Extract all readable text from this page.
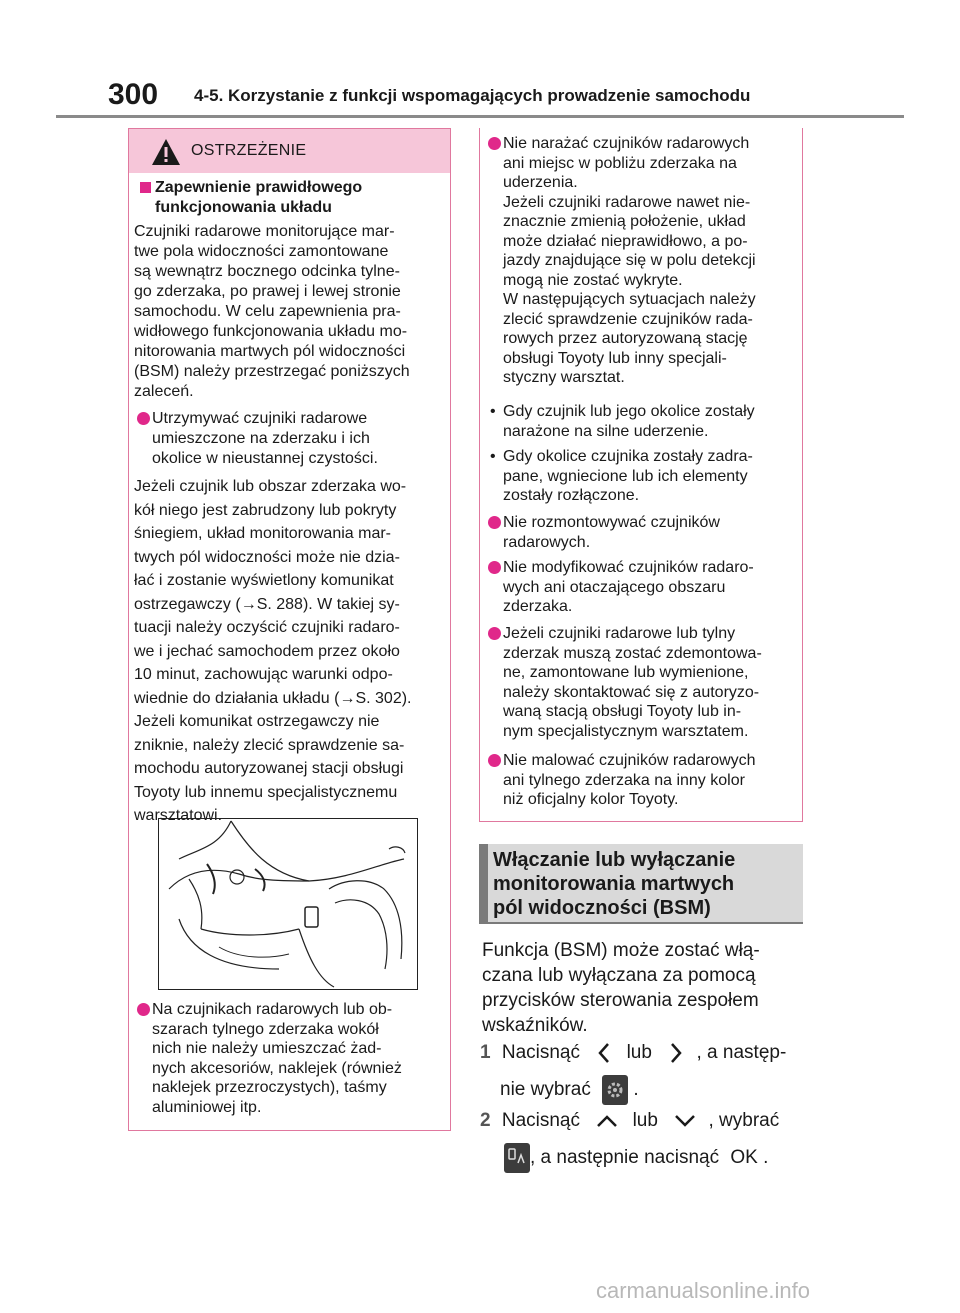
300 4-5. Korzystanie z funkcji wspomagających prowadzenie samochodu
OSTRZEŻENIE
Zapewnienie prawidłowego
funkcjonowania układu
Czujniki radarowe monitorujące mar-
twe pola widoczności zamontowane
są wewnątrz bocznego odcinka tylne-
go zderzaka, po prawej i lewej stronie
samochodu. W celu zapewnienia pra-
widłowego funkcjonowania układu mo-
nitorowania martwych pól widoczności
(BSM) należy przestrzegać poniższych
zaleceń.
Utrzymywać czujniki radarowe
umieszczone na zderzaku i ich
okolice w nieustannej czystości.
Jeżeli czujnik lub obszar zderzaka wo-
kół niego jest zabrudzony lub pokryty
śniegiem, układ monitorowania mar-
twych pól widoczności może nie dzia-
łać i zostanie wyświetlony komunikat
ostrzegawczy (→S. 288). W takiej sy-
tuacji należy oczyścić czujniki radaro-
we i jechać samochodem przez około
10 minut, zachowując warunki odpo-
wiednie do działania układu (→S. 302).
Jeżeli komunikat ostrzegawczy nie
zniknie, należy zlecić sprawdzenie sa-
mochodu autoryzowanej stacji obsługi
Toyoty lub innemu specjalistycznemu
warsztatowi.
Na czujnikach radarowych lub ob-
szarach tylnego zderzaka wokół
nich nie należy umieszczać żad-
nych akcesoriów, naklejek (również
naklejek przezroczystych), taśmy
aluminiowej itp.
Nie narażać czujników radarowych
ani miejsc w pobliżu zderzaka na
uderzenia.
Jeżeli czujniki radarowe nawet nie-
znacznie zmienią położenie, układ
może działać nieprawidłowo, a po-
jazdy znajdujące się w polu detekcji
mogą nie zostać wykryte.
W następujących sytuacjach należy
zlecić sprawdzenie czujników rada-
rowych przez autoryzowaną stację
obsługi Toyoty lub inny specjali-
styczny warsztat.
• Gdy czujnik lub jego okolice zostały
narażone na silne uderzenie.
• Gdy okolice czujnika zostały zadra-
pane, wgniecione lub ich elementy
zostały rozłączone.
Nie rozmontowywać czujników
radarowych.
Nie modyfikować czujników radaro-
wych ani otaczającego obszaru
zderzaka.
Jeżeli czujniki radarowe lub tylny
zderzak muszą zostać zdemontowa-
ne, zamontowane lub wymienione,
należy skontaktować się z autoryzo-
waną stacją obsługi Toyoty lub in-
nym specjalistycznym warsztatem.
Nie malować czujników radarowych
ani tylnego zderzaka na inny kolor
niż oficjalny kolor Toyoty.
Włączanie lub wyłączanie
monitorowania martwych
pól widoczności (BSM)
Funkcja (BSM) może zostać włą-
czana lub wyłączana za pomocą
przycisków sterowania zespołem
wskaźników.
1 Nacisnąć lub , a następ-
nie wybrać .
2 Nacisnąć	lub	, wybrać
, a następnie nacisnąć OK .
carmanualsonline.info
